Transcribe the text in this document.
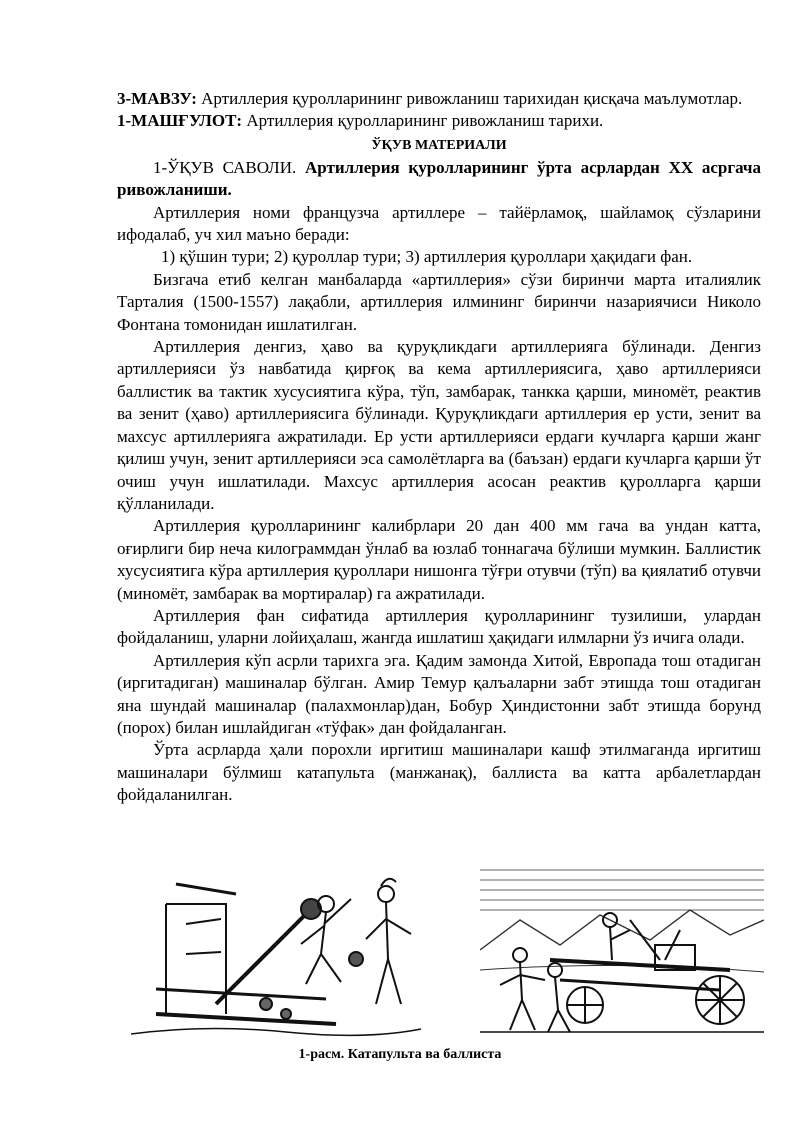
3-МАВЗУ: Артиллерия қуролларининг ривожланиш тарихидан қисқача маълумотлар.

1-МАШҒУЛОТ: Артиллерия қуролларининг ривожланиш тарихи.

ЎҚУВ МАТЕРИАЛИ

1-ЎҚУВ САВОЛИ. Артиллерия қуролларининг ўрта асрлардан XX асргача ривожланиши.

Артиллерия номи французча артиллере – тайёрламоқ, шайламоқ сўзларини ифодалаб, уч хил маъно беради:

1) қўшин тури; 2) қуроллар тури; 3) артиллерия қуроллари ҳақидаги фан.

Бизгача етиб келган манбаларда «артиллерия» сўзи биринчи марта италиялик Тарталия (1500-1557) лақабли, артиллерия илмининг биринчи назариячиси Николо Фонтана томонидан ишлатилган.

Артиллерия денгиз, ҳаво ва қуруқликдаги артиллерияга бўлинади. Денгиз артиллерияси ўз навбатида қирғоқ ва кема артиллериясига, ҳаво артиллерияси баллистик ва тактик хусусиятига кўра, тўп, замбарак, танкка қарши, миномёт, реактив ва зенит (ҳаво) артиллериясига бўлинади. Қуруқликдаги артиллерия ер усти, зенит ва махсус артиллерияга ажратилади. Ер усти артиллерияси ердаги кучларга қарши жанг қилиш учун, зенит артиллерияси эса самолётларга ва (баъзан) ердаги кучларга қарши ўт очиш учун ишлатилади. Махсус артиллерия асосан реактив қуролларга қарши қўлланилади.

Артиллерия қуролларининг калибрлари 20 дан 400 мм гача ва ундан катта, оғирлиги бир неча килограммдан ўнлаб ва юзлаб тоннагача бўлиши мумкин. Баллистик хусусиятига кўра артиллерия қуроллари нишонга тўғри отувчи (тўп) ва қиялатиб отувчи (миномёт, замбарак ва мортиралар) га ажратилади.

Артиллерия фан сифатида артиллерия қуролларининг тузилиши, улардан фойдаланиш, уларни лойиҳалаш, жангда ишлатиш ҳақидаги илмларни ўз ичига олади.

Артиллерия кўп асрли тарихга эга. Қадим замонда Хитой, Европада тош отадиган (иргитадиган) машиналар бўлган. Амир Темур қалъаларни забт этишда тош отадиган яна шундай машиналар (палахмонлар)дан, Бобур Ҳиндистонни забт этишда борунд (порох) билан ишлайдиган «тўфак» дан фойдаланган.

Ўрта асрларда ҳали порохли иргитиш машиналари кашф этилмаганда иргитиш машиналари бўлмиш катапульта (манжанақ), баллиста ва катта арбалетлардан фойдаланилган.

1-расм. Катапульта ва баллиста
